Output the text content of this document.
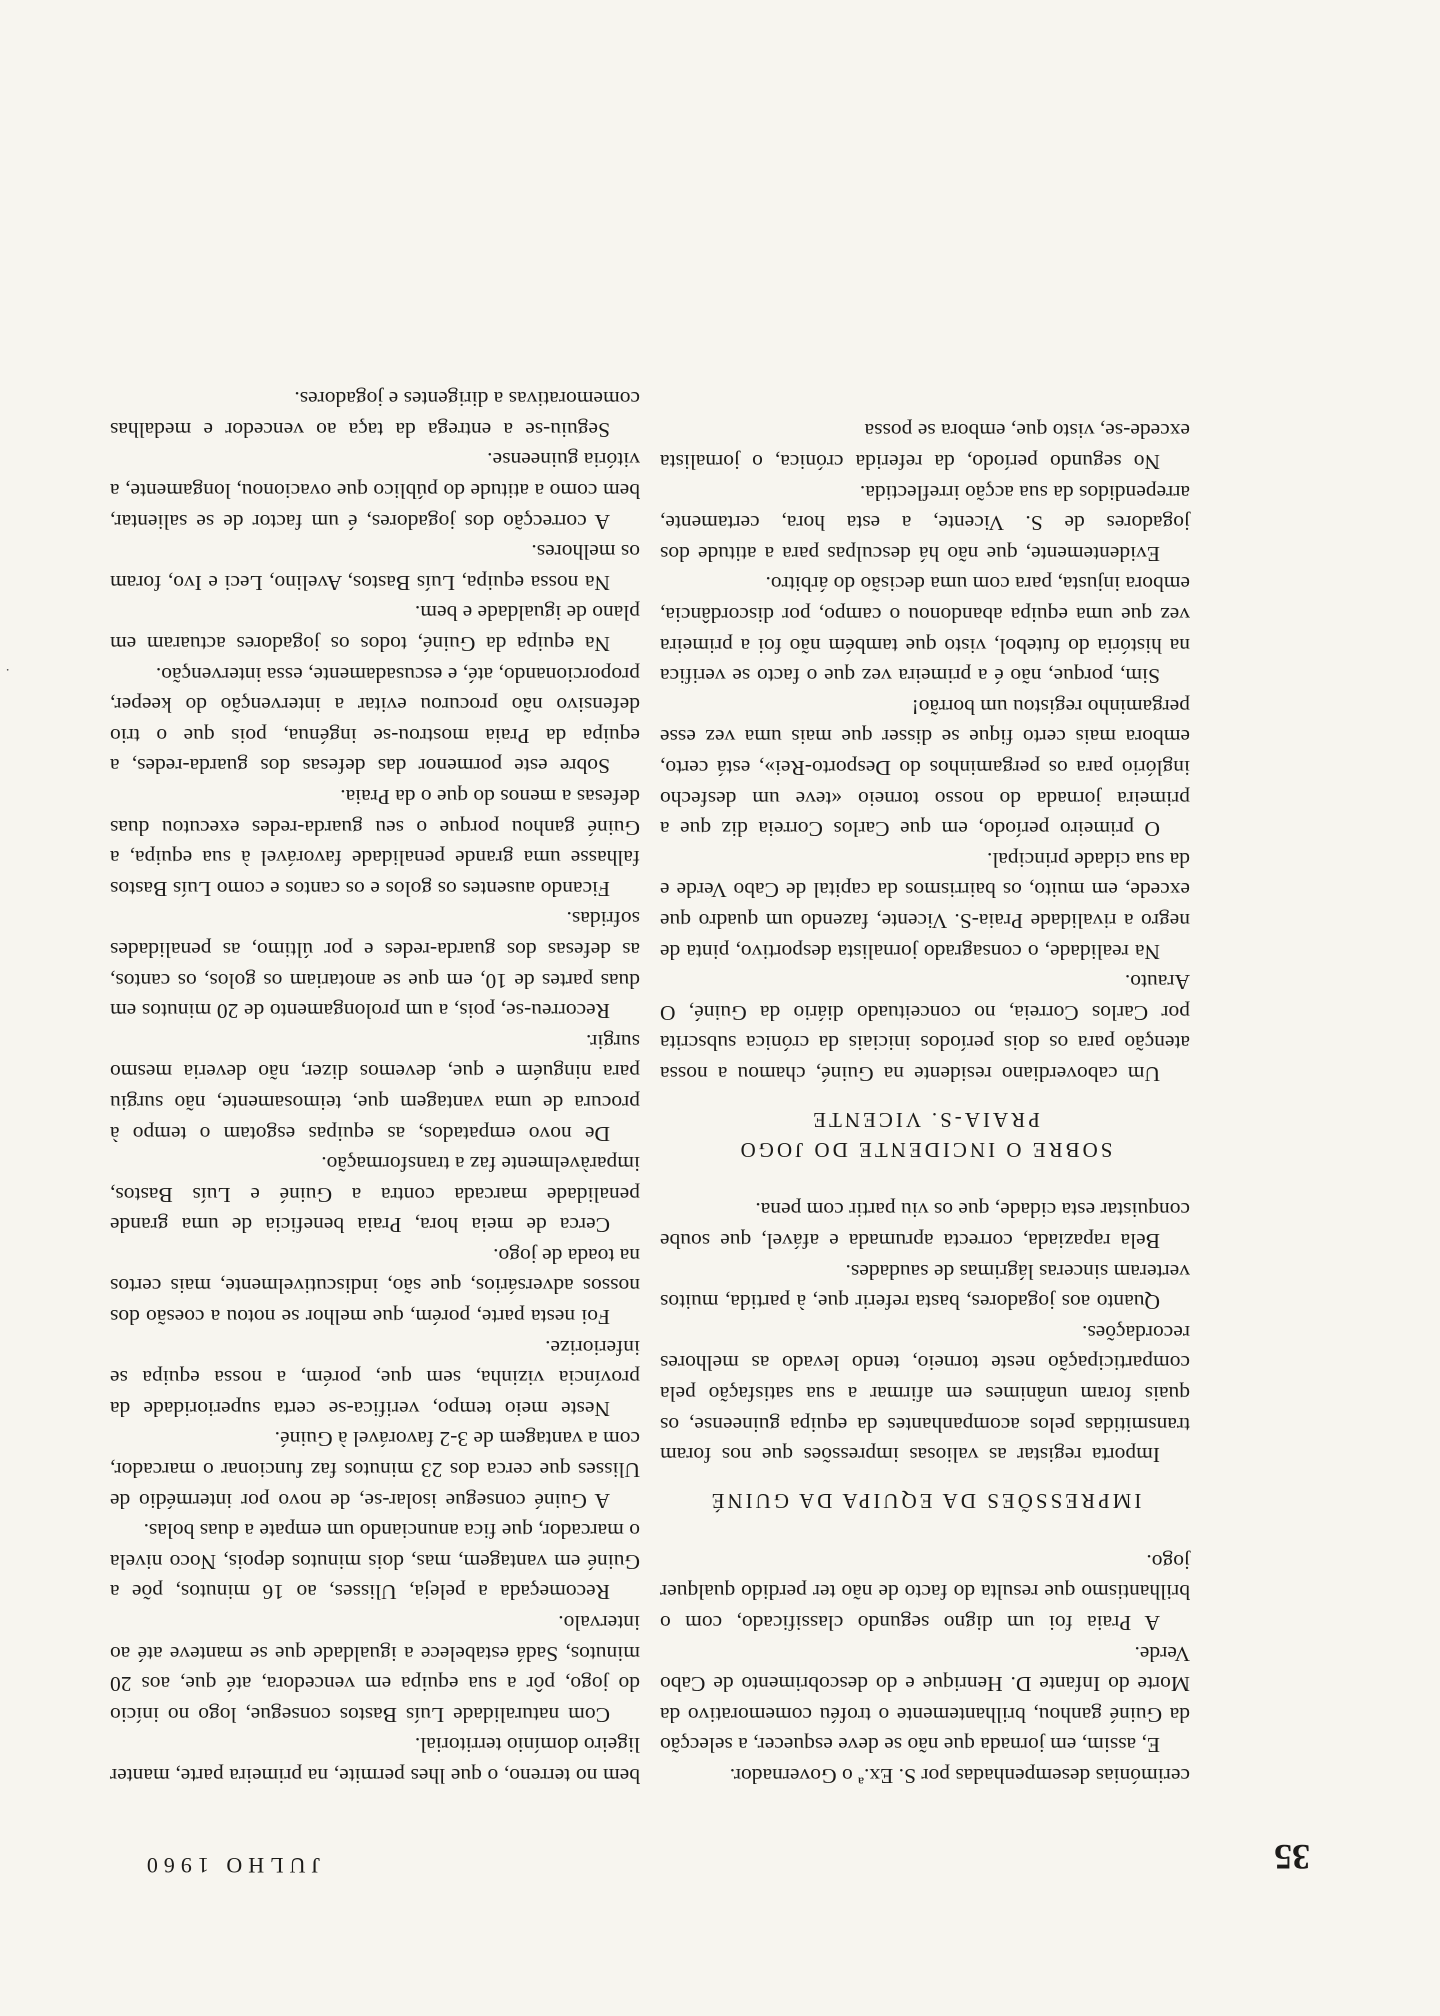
JULHO 1960	35

cerimónias desempenhadas por S. Ex.ª o Governador.

E, assim, em jornada que não se deve esquecer, a selecção da Guiné ganhou, brilhantemente o troféu comemorativo da Morte do Infante D. Henrique e do descobrimento de Cabo Verde.

A Praia foi um digno segundo classificado, com o brilhantismo que resulta do facto de não ter perdido qualquer jogo.

IMPRESSÕES DA EQUIPA DA GUINÉ

Importa registar as valiosas impressões que nos foram transmitidas pelos acompanhantes da equipa guineense, os quais foram unânimes em afirmar a sua satisfação pela comparticipação neste torneio, tendo levado as melhores recordações.

Quanto aos jogadores, basta referir que, à partida, muitos verteram sinceras lágrimas de saudades.

Bela rapaziada, correcta aprumada e afável, que soube conquistar esta cidade, que os viu partir com pena.

SOBRE O INCIDENTE DO JOGO
PRAIA-S. VICENTE

Um caboverdiano residente na Guiné, chamou a nossa atenção para os dois períodos iniciais da crónica subscrita por Carlos Correia, no conceituado diário da Guiné, O Arauto.

Na realidade, o consagrado jornalista desportivo, pinta de negro a rivalidade Praia-S. Vicente, fazendo um quadro que excede, em muito, os bairrismos da capital de Cabo Verde e da sua cidade principal.

O primeiro período, em que Carlos Correia diz que a primeira jornada do nosso torneio «teve um desfecho inglório para os pergaminhos do Desporto-Rei», está certo, embora mais certo fique se disser que mais uma vez esse pergaminho registou um borrão!

Sim, porque, não é a primeira vez que o facto se verifica na história do futebol, visto que também não foi a primeira vez que uma equipa abandonou o campo, por discordância, embora injusta, para com uma decisão do árbitro.

Evidentemente, que não há desculpas para a atitude dos jogadores de S. Vicente, a esta hora, certamente, arrependidos da sua acção irreflectida.

No segundo período, da referida crónica, o jornalista excede-se, visto que, embora se possa

bem no terreno, o que lhes permite, na primeira parte, manter ligeiro domínio territorial.

Com naturalidade Luís Bastos consegue, logo no início do jogo, pôr a sua equipa em vencedora, até que, aos 20 minutos, Sadá estabelece a igualdade que se manteve até ao intervalo.

Recomeçada a peleja, Ulisses, ao 16 minutos, põe a Guiné em vantagem, mas, dois minutos depois, Noco nivela o marcador, que fica anunciando um empate a duas bolas.

A Guiné consegue isolar-se, de novo por intermédio de Ulisses que cerca dos 23 minutos faz funcionar o marcador, com a vantagem de 3-2 favorável à Guiné.

Neste meio tempo, verifica-se certa superioridade da província vizinha, sem que, porém, a nossa equipa se inferiorize.

Foi nesta parte, porém, que melhor se notou a coesão dos nossos adversários, que são, indiscutivelmente, mais certos na toada de jogo.

Cerca de meia hora, Praia beneficia de uma grande penalidade marcada contra a Guiné e Luís Bastos, imparàvelmente faz a transformação.

De novo empatados, as equipas esgotam o tempo à procura de uma vantagem que, teimosamente, não surgiu para ninguém e que, devemos dizer, não deveria mesmo surgir.

Recorreu-se, pois, a um prolongamento de 20 minutos em duas partes de 10, em que se anotariam os golos, os cantos, as defesas dos guarda-redes e por último, as penalidades sofridas.

Ficando ausentes os golos e os cantos e como Luís Bastos falhasse uma grande penalidade favorável à sua equipa, a Guiné ganhou porque o seu guarda-redes executou duas defesas a menos do que o da Praia.

Sobre este pormenor das defesas dos guarda-redes, a equipa da Praia mostrou-se ingénua, pois que o trio defensivo não procurou evitar a intervenção do keeper, proporcionando, até, e escusadamente, essa intervenção.

Na equipa da Guiné, todos os jogadores actuaram em plano de igualdade e bem.

Na nossa equipa, Luís Bastos, Avelino, Leci e Ivo, foram os melhores.

A correcção dos jogadores, é um factor de se salientar, bem como a atitude do público que ovacionou, longamente, a vitória guineense.

Seguiu-se a entrega da taça ao vencedor e medalhas comemorativas a dirigentes e jogadores.

·
